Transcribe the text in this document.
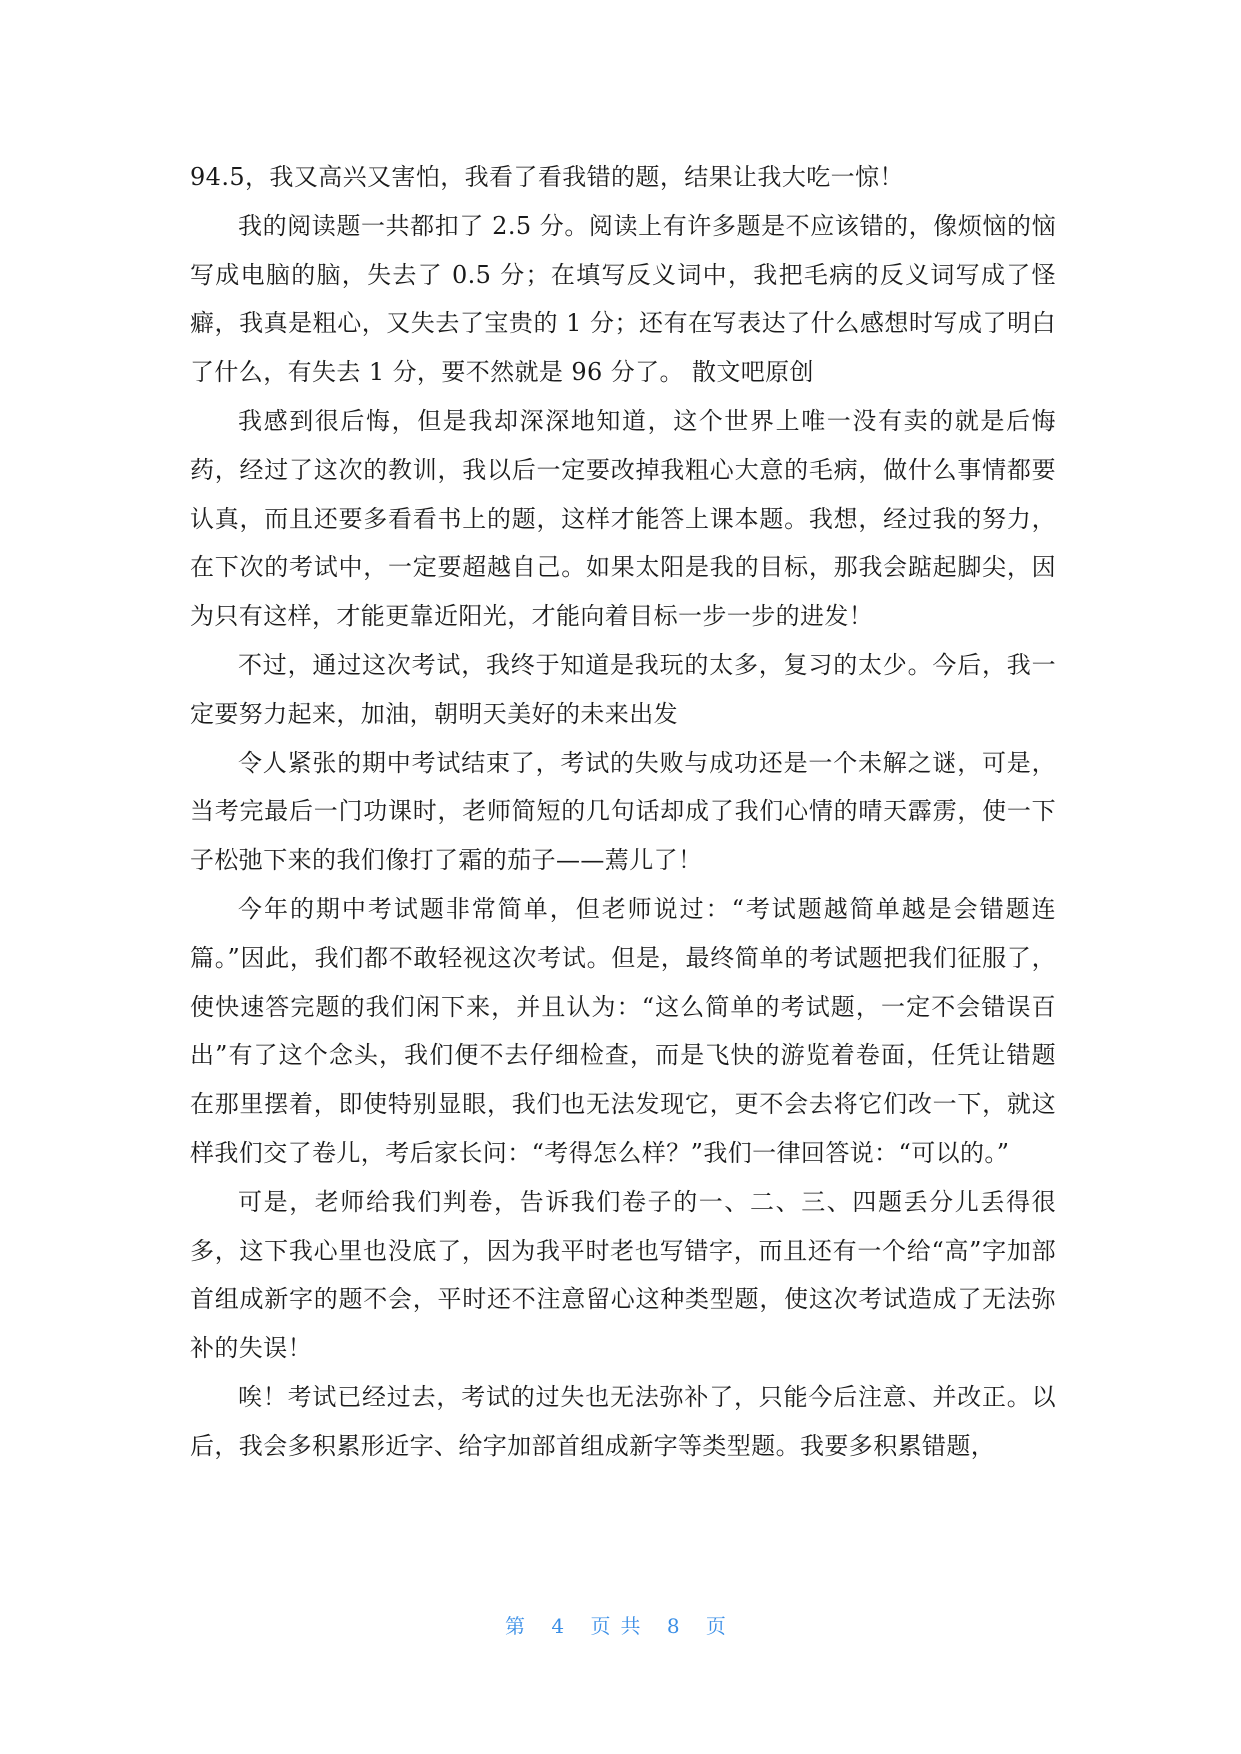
94.5，我又高兴又害怕，我看了看我错的题，结果让我大吃一惊！

我的阅读题一共都扣了 2.5 分。阅读上有许多题是不应该错的，像烦恼的恼写成电脑的脑，失去了 0.5 分；在填写反义词中，我把毛病的反义词写成了怪癖，我真是粗心，又失去了宝贵的 1 分；还有在写表达了什么感想时写成了明白了什么，有失去 1 分，要不然就是 96 分了。 散文吧原创

我感到很后悔，但是我却深深地知道，这个世界上唯一没有卖的就是后悔药，经过了这次的教训，我以后一定要改掉我粗心大意的毛病，做什么事情都要认真，而且还要多看看书上的题，这样才能答上课本题。我想，经过我的努力，在下次的考试中，一定要超越自己。如果太阳是我的目标，那我会踮起脚尖，因为只有这样，才能更靠近阳光，才能向着目标一步一步的进发！

不过，通过这次考试，我终于知道是我玩的太多，复习的太少。今后，我一定要努力起来，加油，朝明天美好的未来出发

令人紧张的期中考试结束了，考试的失败与成功还是一个未解之谜，可是，当考完最后一门功课时，老师简短的几句话却成了我们心情的晴天霹雳，使一下子松弛下来的我们像打了霜的茄子——蔫儿了！

今年的期中考试题非常简单，但老师说过：“考试题越简单越是会错题连篇。”因此，我们都不敢轻视这次考试。但是，最终简单的考试题把我们征服了，使快速答完题的我们闲下来，并且认为：“这么简单的考试题，一定不会错误百出”有了这个念头，我们便不去仔细检查，而是飞快的游览着卷面，任凭让错题在那里摆着，即使特别显眼，我们也无法发现它，更不会去将它们改一下，就这样我们交了卷儿，考后家长问：“考得怎么样？”我们一律回答说：“可以的。”

可是，老师给我们判卷，告诉我们卷子的一、二、三、四题丢分儿丢得很多，这下我心里也没底了，因为我平时老也写错字，而且还有一个给“高”字加部首组成新字的题不会，平时还不注意留心这种类型题，使这次考试造成了无法弥补的失误！

唉！考试已经过去，考试的过失也无法弥补了，只能今后注意、并改正。以后，我会多积累形近字、给字加部首组成新字等类型题。我要多积累错题，

第 4 页共 8 页
